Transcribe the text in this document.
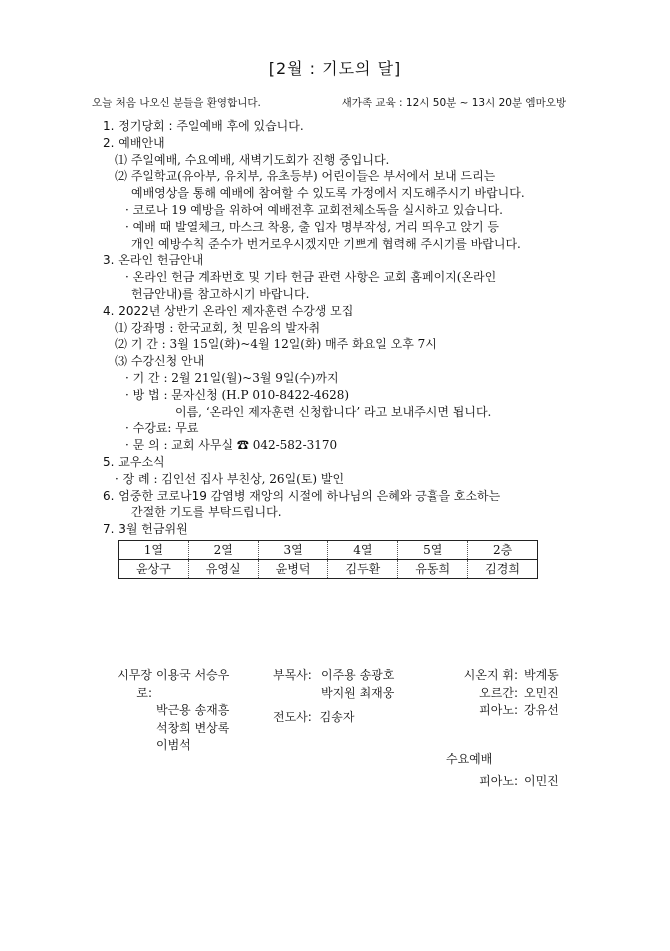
[2월 : 기도의 달]
오늘 처음 나오신 분들을 환영합니다.	새가족 교육 : 12시 50분 ~ 13시 20분 엠마오방
1. 정기당회 : 주일예배 후에 있습니다.
2. 예배안내
⑴ 주일예배, 수요예배, 새벽기도회가 진행 중입니다.
⑵ 주일학교(유아부, 유치부, 유초등부) 어린이들은 부서에서 보내 드리는
예배영상을 통해 예배에 참여할 수 있도록 가정에서 지도해주시기 바랍니다.
· 코로나 19 예방을 위하여 예배전후 교회전체소독을 실시하고 있습니다.
· 예배 때 발열체크, 마스크 착용, 출 입자 명부작성, 거리 띄우고 앉기 등
개인 예방수칙 준수가 번거로우시겠지만 기쁘게 협력해 주시기를 바랍니다.
3. 온라인 헌금안내
· 온라인 헌금 계좌번호 및 기타 헌금 관련 사항은 교회 홈페이지(온라인
헌금안내)를 참고하시기 바랍니다.
4. 2022년 상반기 온라인 제자훈련 수강생 모집
⑴ 강좌명 : 한국교회, 첫 믿음의 발자취
⑵ 기 간 : 3월 15일(화)~4월 12일(화) 매주 화요일 오후 7시
⑶ 수강신청 안내
· 기 간 : 2월 21일(월)~3월 9일(수)까지
· 방 법 : 문자신청 (H.P 010-8422-4628)
이름, ‘온라인 제자훈련 신청합니다’ 라고 보내주시면 됩니다.
· 수강료: 무료
· 문 의 : 교회 사무실 ☎ 042-582-3170
5. 교우소식
· 장 례 : 김인선 집사 부친상, 26일(토) 발인
6. 엄중한 코로나19 감염병 재앙의 시절에 하나님의 은혜와 긍휼을 호소하는
간절한 기도를 부탁드립니다.
7. 3월 헌금위원
1열	2열	3열	4열	5열	2층
윤상구	유영실	윤병덕	김두환	유동희	김경희
시무장로:
이용국 서승우
박근용 송재흥
석창희 변상록
이범석
부목사: 이주용 송광호
박지원 최재웅
전도사: 김송자
시온지 휘: 박계동
오르간: 오민진
피아노: 강유선
수요예배
피아노: 이민진
